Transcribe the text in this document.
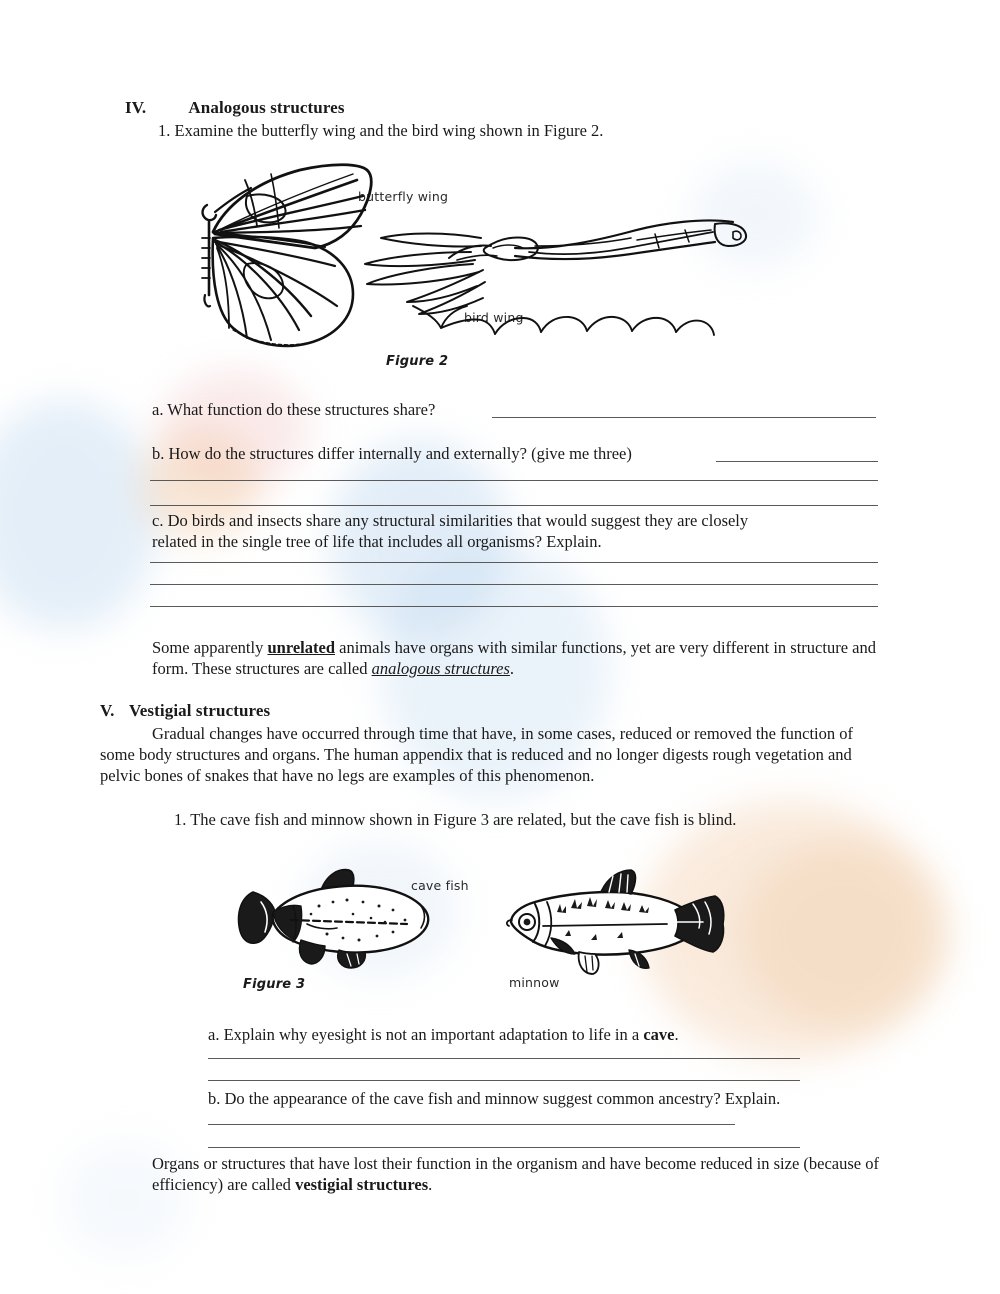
IV. Analogous structures
1. Examine the butterfly wing and the bird wing shown in Figure 2.
butterfly wing
bird wing
Figure 2
a. What function do these structures share?
b. How do the structures differ internally and externally? (give me three)
c. Do birds and insects share any structural similarities that would suggest they are closely
related in the single tree of life that includes all organisms? Explain.
Some apparently unrelated animals have organs with similar functions, yet are very different in structure and form. These structures are called analogous structures.
V. Vestigial structures
Gradual changes have occurred through time that have, in some cases, reduced or removed the function of some body structures and organs. The human appendix that is reduced and no longer digests rough vegetation and pelvic bones of snakes that have no legs are examples of this phenomenon.
1. The cave fish and minnow shown in Figure 3 are related, but the cave fish is blind.
cave fish
minnow
Figure 3
a. Explain why eyesight is not an important adaptation to life in a cave.
b. Do the appearance of the cave fish and minnow suggest common ancestry? Explain.
Organs or structures that have lost their function in the organism and have become reduced in size (because of efficiency) are called vestigial structures.
